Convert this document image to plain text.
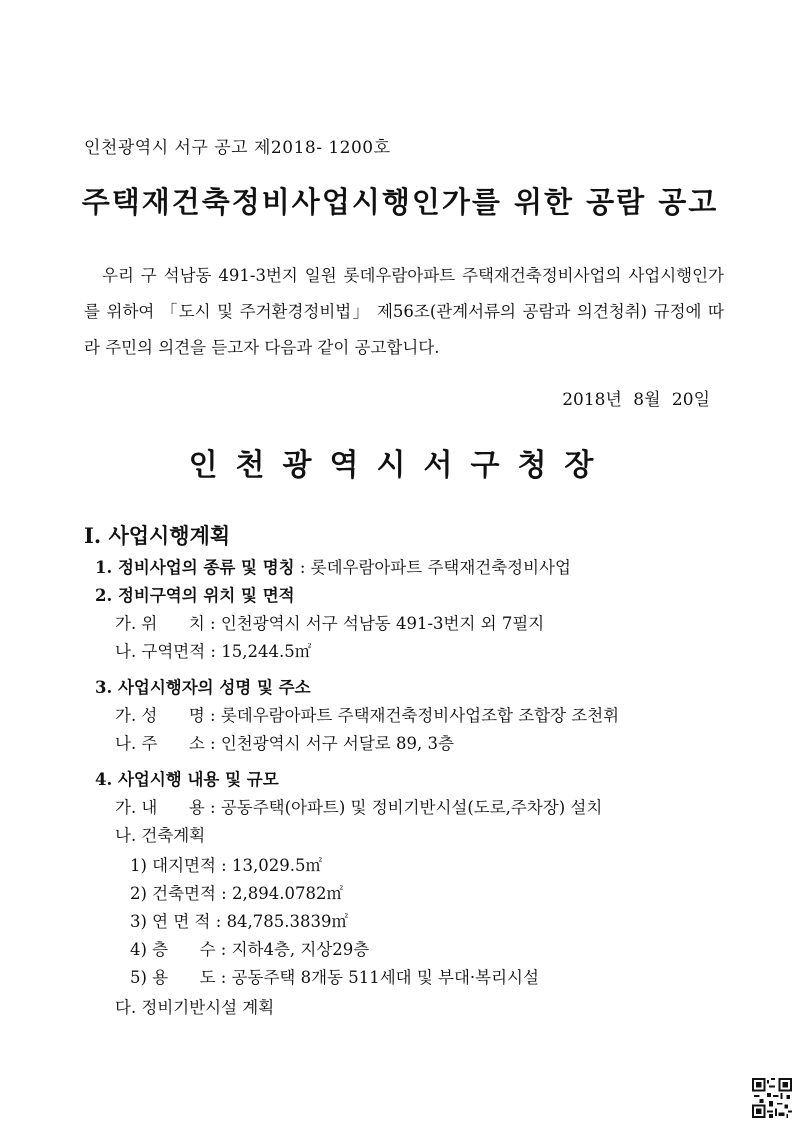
인천광역시 서구 공고 제2018- 1200호
주택재건축정비사업시행인가를 위한 공람 공고
우리 구 석남동 491-3번지 일원 롯데우람아파트 주택재건축정비사업의 사업시행인가를 위하여 「도시 및 주거환경정비법」 제56조(관계서류의 공람과 의견청취) 규정에 따라 주민의 의견을 듣고자 다음과 같이 공고합니다.
2018년 8월 20일
인천광역시서구청장
Ⅰ. 사업시행계획
1. 정비사업의 종류 및 명칭 : 롯데우람아파트 주택재건축정비사업
2. 정비구역의 위치 및 면적
가. 위      치 : 인천광역시 서구 석남동 491-3번지 외 7필지
나. 구역면적 : 15,244.5㎡
3. 사업시행자의 성명 및 주소
가. 성      명 : 롯데우람아파트 주택재건축정비사업조합 조합장 조천휘
나. 주      소 : 인천광역시 서구 서달로 89, 3층
4. 사업시행 내용 및 규모
가. 내      용 : 공동주택(아파트) 및 정비기반시설(도로,주차장) 설치
나. 건축계획
1) 대지면적 : 13,029.5㎡
2) 건축면적 : 2,894.0782㎡
3) 연 면 적 : 84,785.3839㎡
4) 층      수 : 지하4층, 지상29층
5) 용      도 : 공동주택 8개동 511세대 및 부대·복리시설
다. 정비기반시설 계획
